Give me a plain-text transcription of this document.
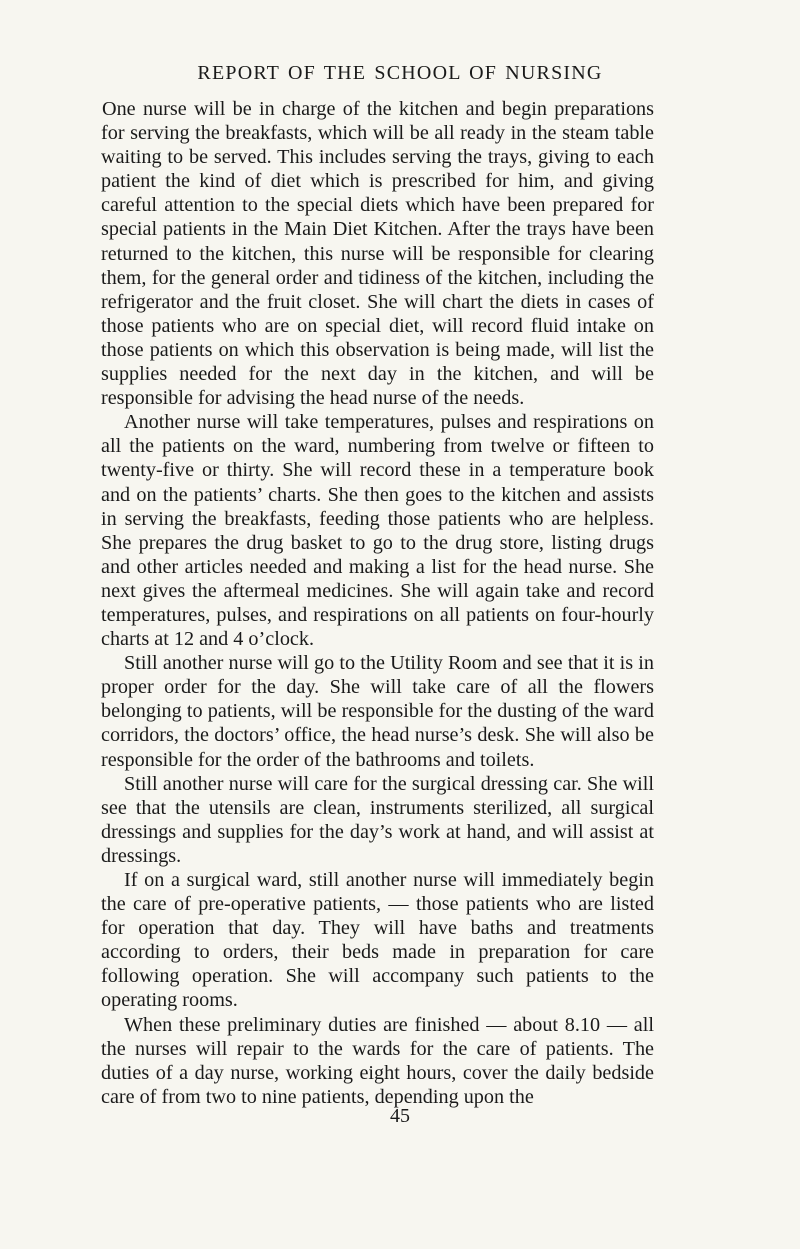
REPORT OF THE SCHOOL OF NURSING

One nurse will be in charge of the kitchen and begin preparations for serving the breakfasts, which will be all ready in the steam table waiting to be served. This includes serving the trays, giving to each patient the kind of diet which is prescribed for him, and giving careful attention to the special diets which have been prepared for special patients in the Main Diet Kitchen. After the trays have been returned to the kitchen, this nurse will be responsible for clearing them, for the general order and tidiness of the kitchen, including the refrigerator and the fruit closet. She will chart the diets in cases of those patients who are on special diet, will record fluid intake on those patients on which this observation is being made, will list the supplies needed for the next day in the kitchen, and will be responsible for advising the head nurse of the needs.

Another nurse will take temperatures, pulses and respirations on all the patients on the ward, numbering from twelve or fifteen to twenty-five or thirty. She will record these in a temperature book and on the patients’ charts. She then goes to the kitchen and assists in serving the breakfasts, feeding those patients who are helpless. She prepares the drug basket to go to the drug store, listing drugs and other articles needed and making a list for the head nurse. She next gives the aftermeal medicines. She will again take and record temperatures, pulses, and respirations on all patients on four-hourly charts at 12 and 4 o’clock.

Still another nurse will go to the Utility Room and see that it is in proper order for the day. She will take care of all the flowers belonging to patients, will be responsible for the dusting of the ward corridors, the doctors’ office, the head nurse’s desk. She will also be responsible for the order of the bathrooms and toilets.

Still another nurse will care for the surgical dressing car. She will see that the utensils are clean, instruments sterilized, all surgical dressings and supplies for the day’s work at hand, and will assist at dressings.

If on a surgical ward, still another nurse will immediately begin the care of pre-operative patients, — those patients who are listed for operation that day. They will have baths and treatments according to orders, their beds made in preparation for care following operation. She will accompany such patients to the operating rooms.

When these preliminary duties are finished — about 8.10 — all the nurses will repair to the wards for the care of patients. The duties of a day nurse, working eight hours, cover the daily bedside care of from two to nine patients, depending upon the

45
